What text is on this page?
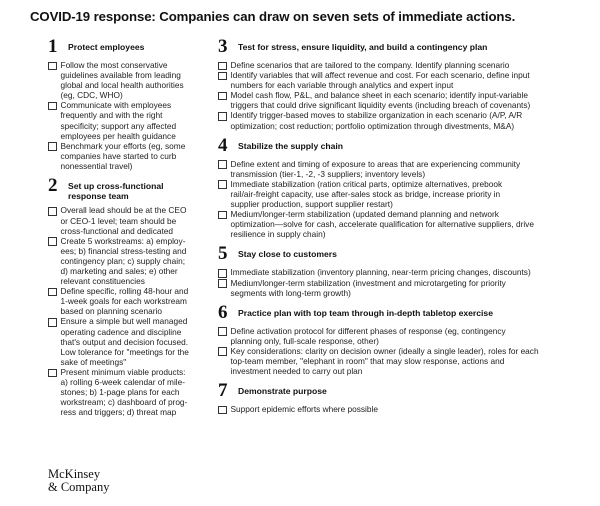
COVID-19 response: Companies can draw on seven sets of immediate actions.
1	Protect employees
Follow the most conservative
guidelines available from leading
global and local health authorities
(eg, CDC, WHO)
Communicate with employees
frequently and with the right
specificity; support any affected
employees per health guidance
Benchmark your efforts (eg, some
companies have started to curb
nonessential travel)
2	Set up cross-functional
response team
Overall lead should be at the CEO
or CEO-1 level; team should be
cross-functional and dedicated
Create 5 workstreams: a) employ-
ees; b) financial stress-testing and
contingency plan; c) supply chain;
d) marketing and sales; e) other
relevant constituencies
Define specific, rolling 48-hour and
1-week goals for each workstream
based on planning scenario
Ensure a simple but well managed
operating cadence and discipline
that's output and decision focused.
Low tolerance for "meetings for the
sake of meetings"
Present minimum viable products:
a) rolling 6-week calendar of mile-
stones; b) 1-page plans for each
workstream; c) dashboard of prog-
ress and triggers; d) threat map
3	Test for stress, ensure liquidity, and build a contingency plan
Define scenarios that are tailored to the company. Identify planning scenario
Identify variables that will affect revenue and cost. For each scenario, define input
numbers for each variable through analytics and expert input
Model cash flow, P&L, and balance sheet in each scenario; identify input-variable
triggers that could drive significant liquidity events (including breach of covenants)
Identify trigger-based moves to stabilize organization in each scenario (A/P, A/R
optimization; cost reduction; portfolio optimization through divestments, M&A)
4	Stabilize the supply chain
Define extent and timing of exposure to areas that are experiencing community
transmission (tier-1, -2, -3 suppliers; inventory levels)
Immediate stabilization (ration critical parts, optimize alternatives, prebook
rail/air-freight capacity, use after-sales stock as bridge, increase priority in
supplier production, support supplier restart)
Medium/longer-term stabilization (updated demand planning and network
optimization—solve for cash, accelerate qualification for alternative suppliers, drive
resilience in supply chain)
5	Stay close to customers
Immediate stabilization (inventory planning, near-term pricing changes, discounts)
Medium/longer-term stabilization (investment and microtargeting for priority
segments with long-term growth)
6	Practice plan with top team through in-depth tabletop exercise
Define activation protocol for different phases of response (eg, contingency
planning only, full-scale response, other)
Key considerations: clarity on decision owner (ideally a single leader), roles for each
top-team member, "elephant in room" that may slow response, actions and
investment needed to carry out plan
7	Demonstrate purpose
Support epidemic efforts where possible
McKinsey
& Company
